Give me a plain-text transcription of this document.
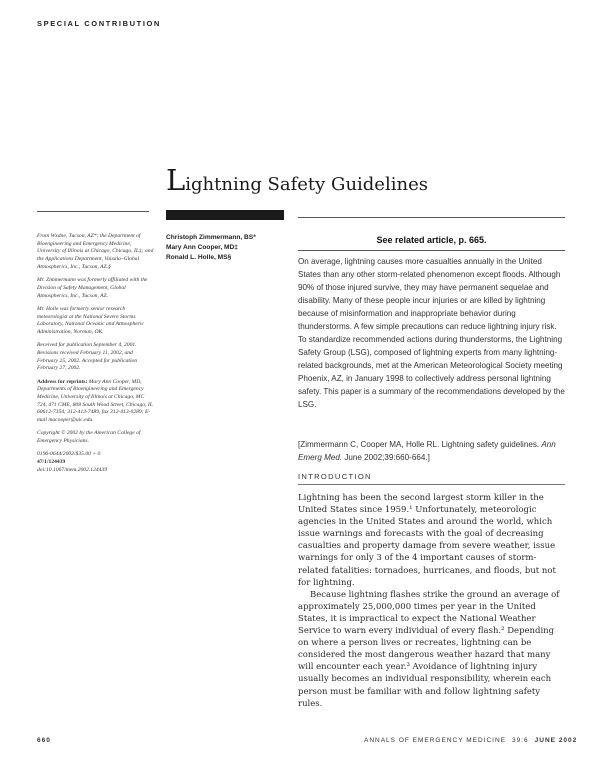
SPECIAL CONTRIBUTION
Lightning Safety Guidelines

From Wxdne, Tucson, AZ*; the Department of Bioengineering and Emergency Medicine, University of Illinois at Chicago, Chicago, IL‡; and the Applications Department, Vaisala–Global Atmospherics, Inc., Tucson, AZ.§

Mr. Zimmermann was formerly affiliated with the Division of Safety Management, Global Atmospherics, Inc., Tucson, AZ.

Mr. Holle was formerly senior research meteorologist at the National Severe Storms Laboratory, National Oceanic and Atmospheric Administration, Norman, OK.

Received for publication September 4, 2001. Revisions received February 11, 2002, and February 25, 2002. Accepted for publication February 27, 2002.

Address for reprints: Mary Ann Cooper, MD, Departments of Bioengineering and Emergency Medicine, University of Illinois at Chicago, MC 724, 471 CME, 808 South Wood Street, Chicago, IL 60612-7354; 312-413-7489, fax 312-413-0289; E-mail macooper@uic.edu.

Copyright © 2002 by the American College of Emergency Physicians.

0196-0644/2002/$35.00 + 0
47/1/124439
doi:10.1067/mem.2002.124439
Christoph Zimmermann, BS*
Mary Ann Cooper, MD‡
Ronald L. Holle, MS§
See related article, p. 665.
On average, lightning causes more casualties annually in the United States than any other storm-related phenomenon except floods. Although 90% of those injured survive, they may have permanent sequelae and disability. Many of these people incur injuries or are killed by lightning because of misinformation and inappropriate behavior during thunderstorms. A few simple precautions can reduce lightning injury risk. To standardize recommended actions during thunderstorms, the Lightning Safety Group (LSG), composed of lightning experts from many lightning-related backgrounds, met at the American Meteorological Society meeting Phoenix, AZ, in January 1998 to collectively address personal lightning safety. This paper is a summary of the recommendations developed by the LSG.
[Zimmermann C, Cooper MA, Holle RL. Lightning safety guidelines. Ann Emerg Med. June 2002;39:660-664.]
INTRODUCTION

Lightning has been the second largest storm killer in the United States since 1959.¹ Unfortunately, meteorologic agencies in the United States and around the world, which issue warnings and forecasts with the goal of decreasing casualties and property damage from severe weather, issue warnings for only 3 of the 4 important causes of storm-related fatalities: tornadoes, hurricanes, and floods, but not for lightning.

Because lightning flashes strike the ground an average of approximately 25,000,000 times per year in the United States, it is impractical to expect the National Weather Service to warn every individual of every flash.² Depending on where a person lives or recreates, lightning can be considered the most dangerous weather hazard that many will encounter each year.³ Avoidance of lightning injury usually becomes an individual responsibility, wherein each person must be familiar with and follow lightning safety rules.

660	ANNALS OF EMERGENCY MEDICINE 39:6 JUNE 2002
